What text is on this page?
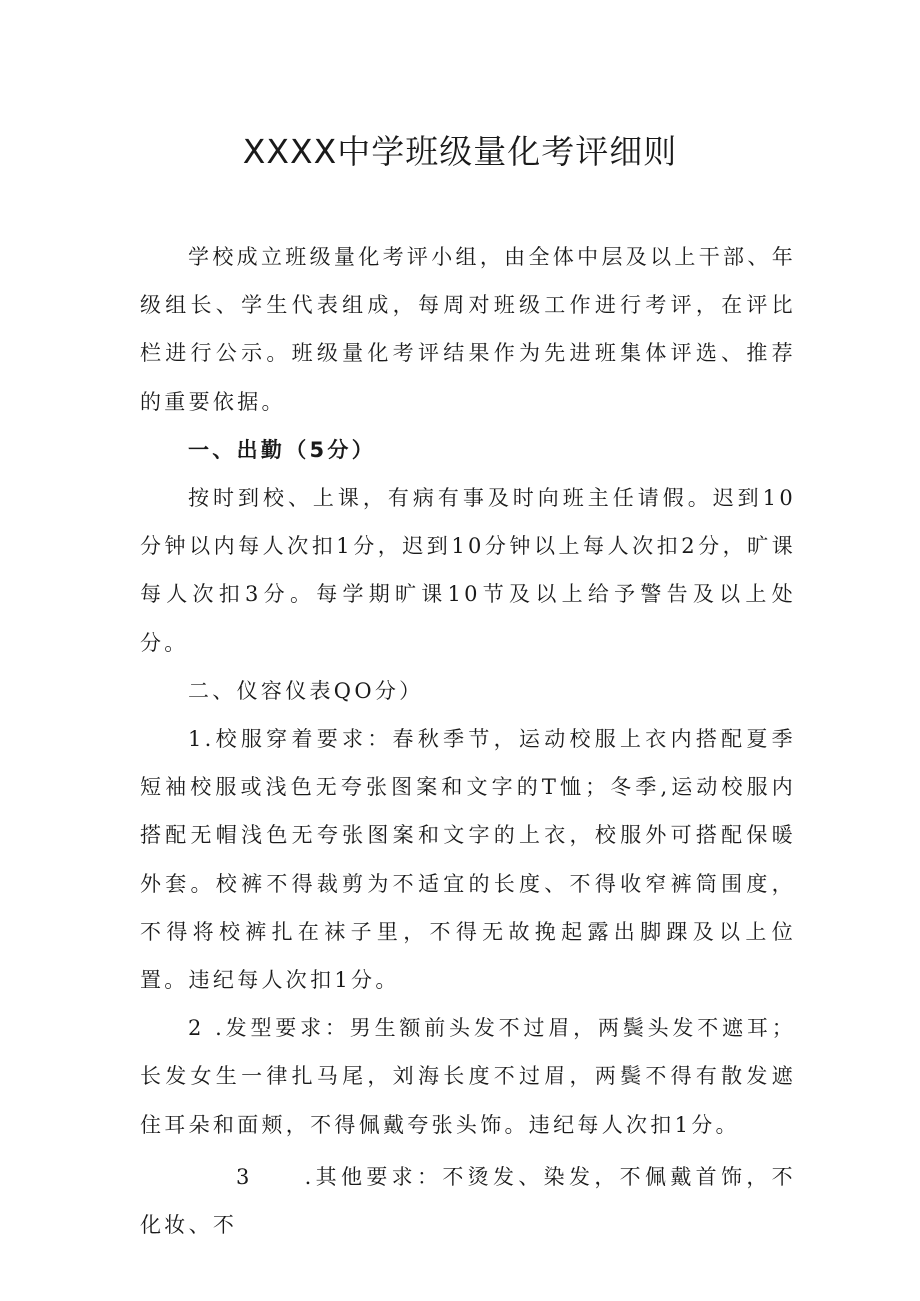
XXXX中学班级量化考评细则

学校成立班级量化考评小组，由全体中层及以上干部、年级组长、学生代表组成，每周对班级工作进行考评，在评比栏进行公示。班级量化考评结果作为先进班集体评选、推荐的重要依据。

一、出勤（5分）

按时到校、上课，有病有事及时向班主任请假。迟到10分钟以内每人次扣1分，迟到10分钟以上每人次扣2分，旷课每人次扣3分。每学期旷课10节及以上给予警告及以上处分。

二、仪容仪表QO分）

1.校服穿着要求：春秋季节，运动校服上衣内搭配夏季短袖校服或浅色无夸张图案和文字的T恤；冬季,运动校服内搭配无帽浅色无夸张图案和文字的上衣，校服外可搭配保暖外套。校裤不得裁剪为不适宜的长度、不得收窄裤筒围度，不得将校裤扎在袜子里，不得无故挽起露出脚踝及以上位置。违纪每人次扣1分。

2 .发型要求：男生额前头发不过眉，两鬓头发不遮耳；长发女生一律扎马尾，刘海长度不过眉，两鬓不得有散发遮住耳朵和面颊，不得佩戴夸张头饰。违纪每人次扣1分。

3 .其他要求：不烫发、染发，不佩戴首饰，不化妆、不
